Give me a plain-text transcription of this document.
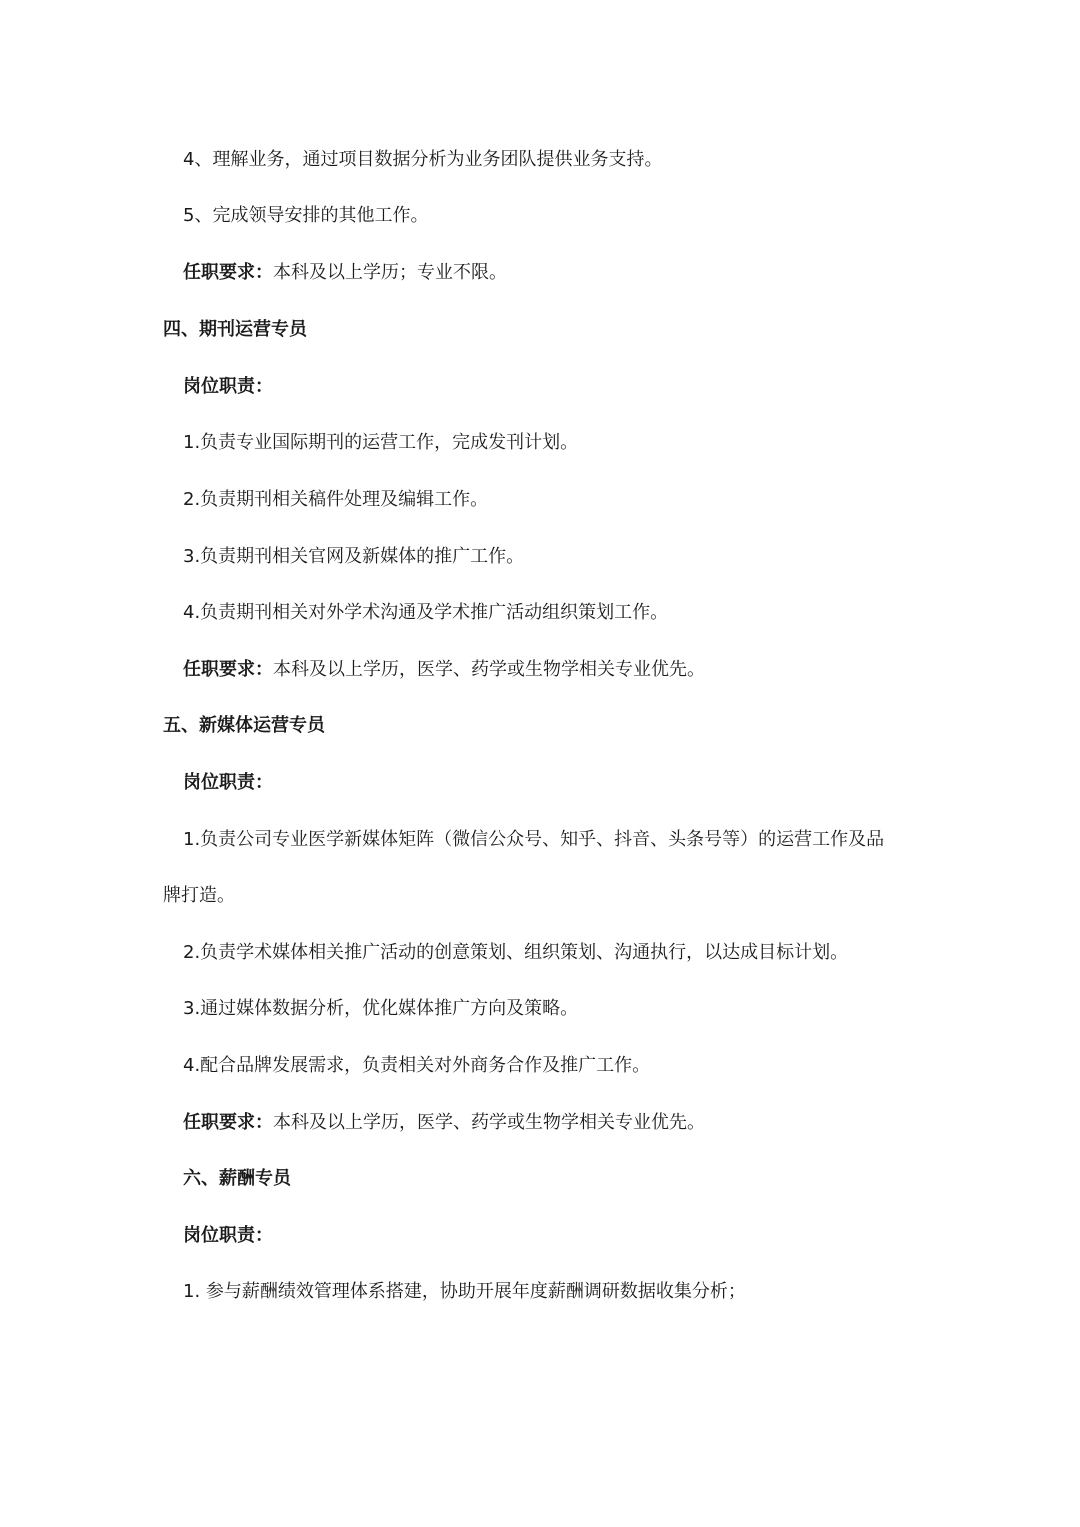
4、理解业务，通过项目数据分析为业务团队提供业务支持。
5、完成领导安排的其他工作。
任职要求：本科及以上学历；专业不限。
四、期刊运营专员
岗位职责：
1.负责专业国际期刊的运营工作，完成发刊计划。
2.负责期刊相关稿件处理及编辑工作。
3.负责期刊相关官网及新媒体的推广工作。
4.负责期刊相关对外学术沟通及学术推广活动组织策划工作。
任职要求：本科及以上学历，医学、药学或生物学相关专业优先。
五、新媒体运营专员
岗位职责：
1.负责公司专业医学新媒体矩阵（微信公众号、知乎、抖音、头条号等）的运营工作及品
牌打造。
2.负责学术媒体相关推广活动的创意策划、组织策划、沟通执行，以达成目标计划。
3.通过媒体数据分析，优化媒体推广方向及策略。
4.配合品牌发展需求，负责相关对外商务合作及推广工作。
任职要求：本科及以上学历，医学、药学或生物学相关专业优先。
六、薪酬专员
岗位职责：
1. 参与薪酬绩效管理体系搭建，协助开展年度薪酬调研数据收集分析；
